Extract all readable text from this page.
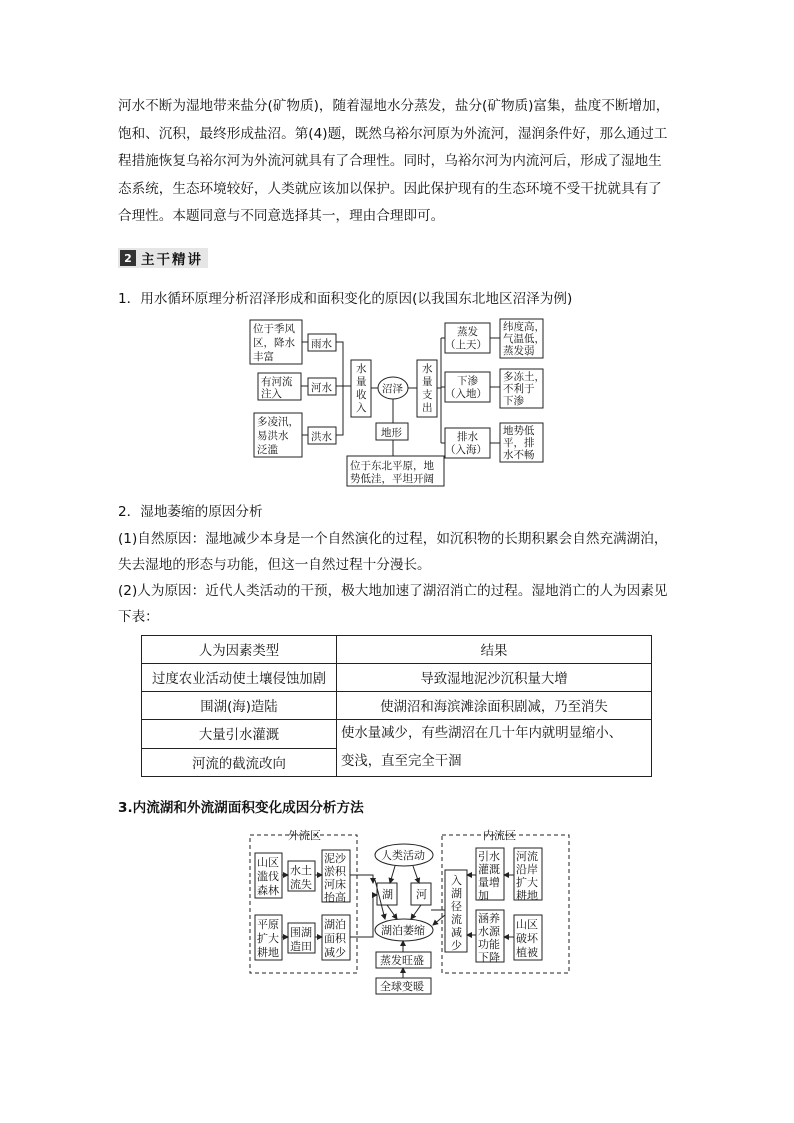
河水不断为湿地带来盐分(矿物质)，随着湿地水分蒸发，盐分(矿物质)富集，盐度不断增加，
饱和、沉积，最终形成盐沼。第(4)题，既然乌裕尔河原为外流河，湿润条件好，那么通过工
程措施恢复乌裕尔河为外流河就具有了合理性。同时，乌裕尔河为内流河后，形成了湿地生
态系统，生态环境较好，人类就应该加以保护。因此保护现有的生态环境不受干扰就具有了
合理性。本题同意与不同意选择其一，理由合理即可。
2 主干精讲

1．用水循环原理分析沼泽形成和面积变化的原因(以我国东北地区沼泽为例)

位于季风
区，降水
丰富
有河流
注入
多凌汛，
易洪水
泛滥
雨水
河水
洪水
水
量
收
入
沼泽
水
量
支
出
地形
位于东北平原，地
势低洼，平坦开阔
蒸发
（上天）
下渗
（入地）
排水
（入海）
纬度高，
气温低，
蒸发弱
多冻土，
不利于
下渗
地势低
平，排
水不畅

2．湿地萎缩的原因分析

(1)自然原因：湿地减少本身是一个自然演化的过程，如沉积物的长期积累会自然充满湖泊，

失去湿地的形态与功能，但这一自然过程十分漫长。

(2)人为原因：近代人类活动的干预，极大地加速了湖沼消亡的过程。湿地消亡的人为因素见

下表：

人为因素类型	结果
过度农业活动使土壤侵蚀加剧	导致湿地泥沙沉积量大增
围湖(海)造陆	使湖沼和海滨滩涂面积剧减，乃至消失
大量引水灌溉	使水量减少，有些湖沼在几十年内就明显缩小、
变浅，直至完全干涸

河流的截流改向	

3.内流湖和外流湖面积变化成因分析方法

外流区	内流区
山区
滥伐
森林
水土
流失
泥沙
淤积
河床
抬高
平原
扩大
耕地
围湖
造田
湖泊
面积
减少
人类活动
湖 河
湖泊萎缩
蒸发旺盛
全球变暖
入
湖
径
流
减
少
引水
灌溉
量增
加
河流
沿岸
扩大
耕地
涵养
水源
功能
下降
山区
破坏
植被
